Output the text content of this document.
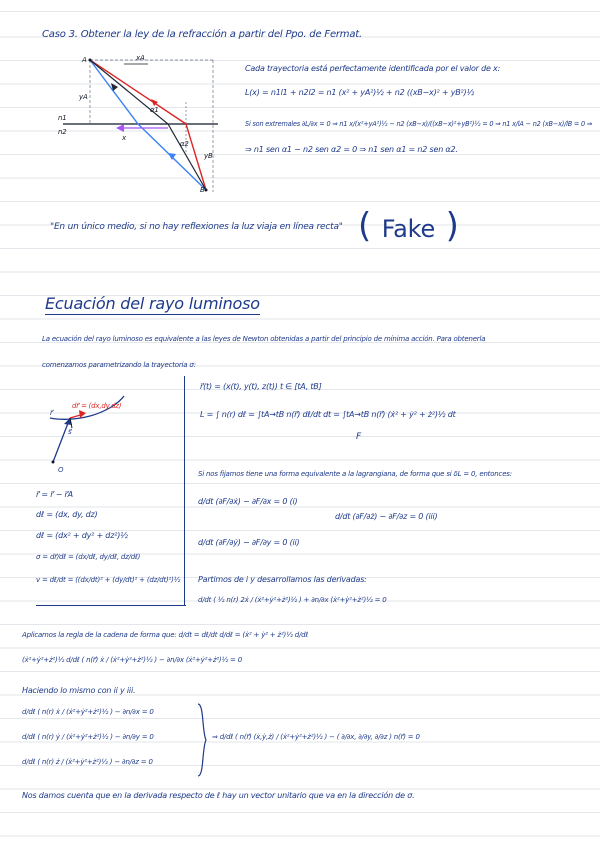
Caso 3. Obtener la ley de la refracción a partir del Ppo. de Fermat.
A	xA
yA
n1
n2
α1
α2
x
yB
B
Cada trayectoria está perfectamente identificada por el valor de x:
L(x) = n1l1 + n2l2 = n1 (x² + yA²)½ + n2 ((xB−x)² + yB²)½
Si son extremales ∂L/∂x = 0 ⇒ n1 x/(x²+yA²)½ − n2 (xB−x)/((xB−x)²+yB²)½ = 0 ⇒ n1 x/lA − n2 (xB−x)/lB = 0 ⇒
⇒ n1 sen α1 − n2 sen α2 = 0 ⇒ n1 sen α1 = n2 sen α2.
"En un único medio, si no hay reflexiones la luz viaja en línea recta" ( Fake )
Ecuación del rayo luminoso
La ecuación del rayo luminoso es equivalente a las leyes de Newton obtenidas a partir del principio de mínima acción. Para obtenerla
comenzamos parametrizando la trayectoria σ:
r⃗
dr⃗ = (dx,dy,dz)
s⃗
O
r⃗ = r⃗ − r⃗A
dℓ = (dx, dy, dz)
dℓ = (dx² + dy² + dz²)½
σ = dr⃗/dℓ = (dx/dℓ, dy/dℓ, dz/dℓ)
v = dℓ/dt = ((dx/dt)² + (dy/dt)² + (dz/dt)²)½
r⃗(t) = (x(t), y(t), z(t)) t ∈ [tA, tB]
L = ∫ n(r) dℓ = ∫tA→tB n(r⃗) dℓ/dt dt = ∫tA→tB n(r⃗) (ẋ² + ẏ² + ż²)½ dt
F
Si nos fijamos tiene una forma equivalente a la lagrangiana, de forma que si δL = 0, entonces:
d/dt (∂F/∂ẋ) − ∂F/∂x = 0 (i)
d/dt (∂F/∂ż) − ∂F/∂z = 0 (iii)
d/dt (∂F/∂ẏ) − ∂F/∂y = 0 (ii)
Partimos de i y desarrollamos las derivadas:
d/dt ( ½ n(r) 2ẋ / (ẋ²+ẏ²+ż²)½ ) + ∂n/∂x (ẋ²+ẏ²+ż²)½ = 0
Aplicamos la regla de la cadena de forma que: d/dt = dℓ/dt d/dℓ = (ẋ² + ẏ² + ż²)½ d/dℓ
(ẋ²+ẏ²+ż²)½ d/dℓ ( n(r⃗) ẋ / (ẋ²+ẏ²+ż²)½ ) − ∂n/∂x (ẋ²+ẏ²+ż²)½ = 0
Haciendo lo mismo con ii y iii.
d/dℓ ( n(r) ẋ / (ẋ²+ẏ²+ż²)½ ) − ∂n/∂x = 0
d/dℓ ( n(r) ẏ / (ẋ²+ẏ²+ż²)½ ) − ∂n/∂y = 0
d/dℓ ( n(r) ż / (ẋ²+ẏ²+ż²)½ ) − ∂n/∂z = 0
⇒ d/dℓ ( n(r⃗) (ẋ,ẏ,ż) / (ẋ²+ẏ²+ż²)½ ) − ( ∂/∂x, ∂/∂y, ∂/∂z ) n(r⃗) = 0
Nos damos cuenta que en la derivada respecto de ℓ hay un vector unitario que va en la dirección de σ.
